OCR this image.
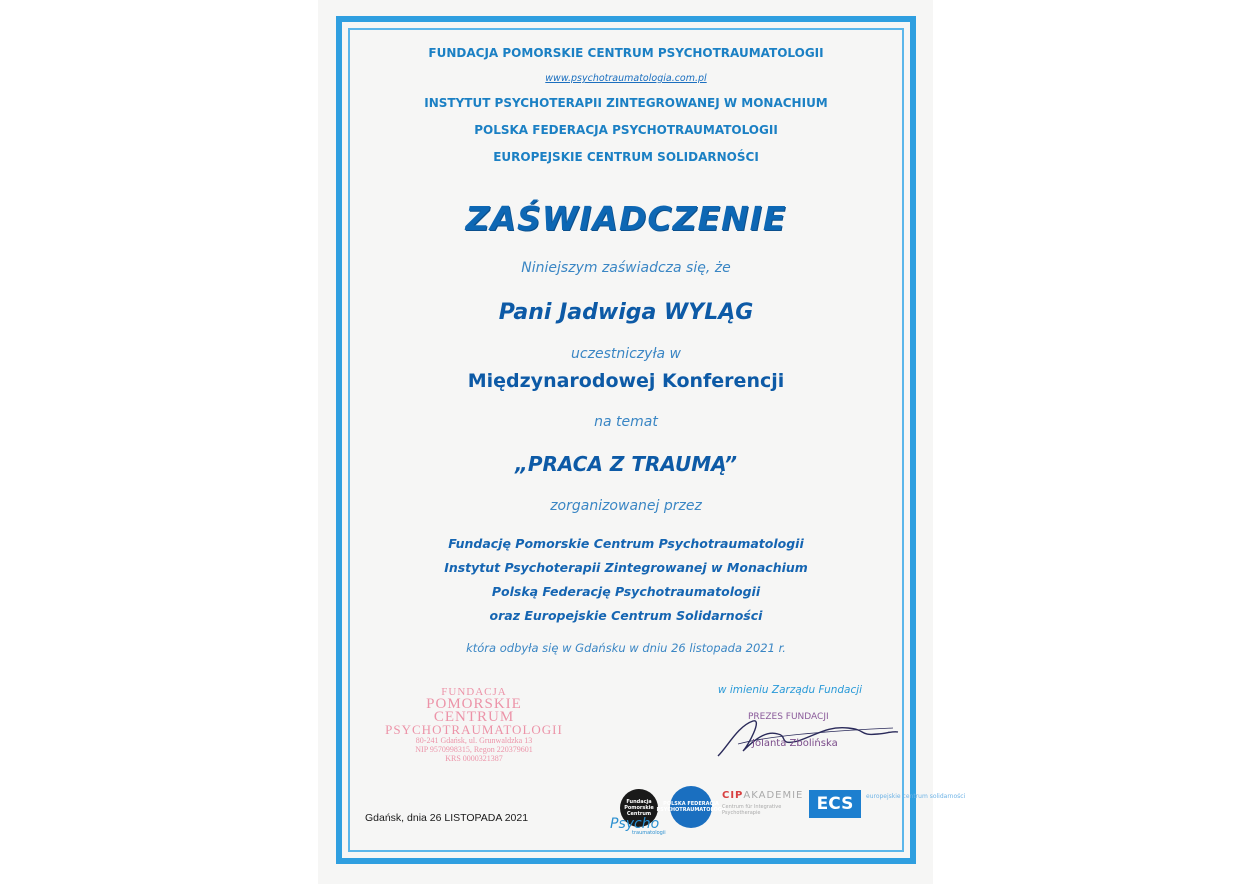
FUNDACJA POMORSKIE CENTRUM PSYCHOTRAUMATOLOGII
www.psychotraumatologia.com.pl
INSTYTUT PSYCHOTERAPII ZINTEGROWANEJ W MONACHIUM
POLSKA FEDERACJA PSYCHOTRAUMATOLOGII
EUROPEJSKIE CENTRUM SOLIDARNOŚCI
ZAŚWIADCZENIE
Niniejszym zaświadcza się, że
Pani Jadwiga WYLĄG
uczestniczyła w
Międzynarodowej Konferencji
na temat
„PRACA Z TRAUMĄ”
zorganizowanej przez
Fundację Pomorskie Centrum Psychotraumatologii
Instytut Psychoterapii Zintegrowanej w Monachium
Polską Federację Psychotraumatologii
oraz Europejskie Centrum Solidarności
która odbyła się w Gdańsku w dniu 26 listopada 2021 r.
FUNDACJA
POMORSKIE CENTRUM
PSYCHOTRAUMATOLOGII
80-241 Gdańsk, ul. Grunwaldzka 13
NIP 9570998315, Regon 220379601
KRS 0000321387
w imieniu Zarządu Fundacji
PREZES FUNDACJI
Jolanta Zbolińska
Gdańsk, dnia 26 LISTOPADA 2021
Fundacja Pomorskie Centrum
Psycho
traumatologii
POLSKA FEDERACJA PSYCHOTRAUMATOLOGII
CIPAKADEMIE
Centrum für Integrative Psychotherapie	ECS	europejskie centrum solidarności
